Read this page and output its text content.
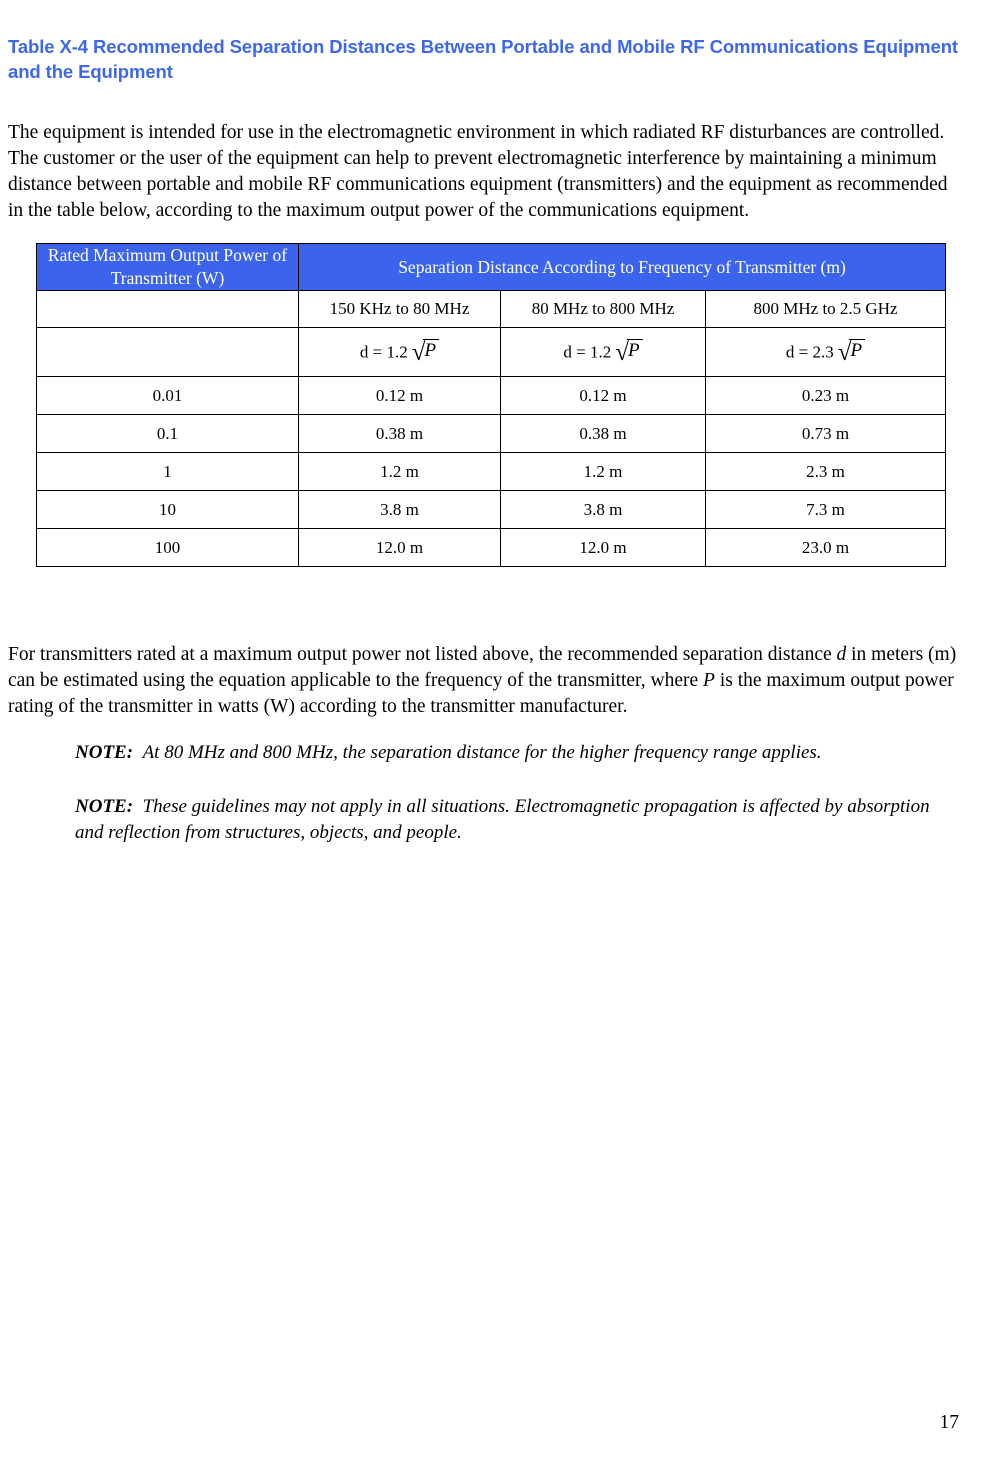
Table X-4 Recommended Separation Distances Between Portable and Mobile RF Communications Equipment and the Equipment

The equipment is intended for use in the electromagnetic environment in which radiated RF disturbances are controlled. The customer or the user of the equipment can help to prevent electromagnetic interference by maintaining a minimum distance between portable and mobile RF communications equipment (transmitters) and the equipment as recommended in the table below, according to the maximum output power of the communications equipment.

Rated Maximum Output Power of Transmitter (W)	Separation Distance According to Frequency of Transmitter (m)		
	150 KHz to 80 MHz	80 MHz to 800 MHz	800 MHz to 2.5 GHz
	d = 1.2 √P	d = 1.2 √P	d = 2.3 √P
0.01	0.12 m	0.12 m	0.23 m
0.1	0.38 m	0.38 m	0.73 m
1	1.2 m	1.2 m	2.3 m
10	3.8 m	3.8 m	7.3 m
100	12.0 m	12.0 m	23.0 m

For transmitters rated at a maximum output power not listed above, the recommended separation distance d in meters (m) can be estimated using the equation applicable to the frequency of the transmitter, where P is the maximum output power rating of the transmitter in watts (W) according to the transmitter manufacturer.

NOTE: At 80 MHz and 800 MHz, the separation distance for the higher frequency range applies.

NOTE: These guidelines may not apply in all situations. Electromagnetic propagation is affected by absorption and reflection from structures, objects, and people.

17
